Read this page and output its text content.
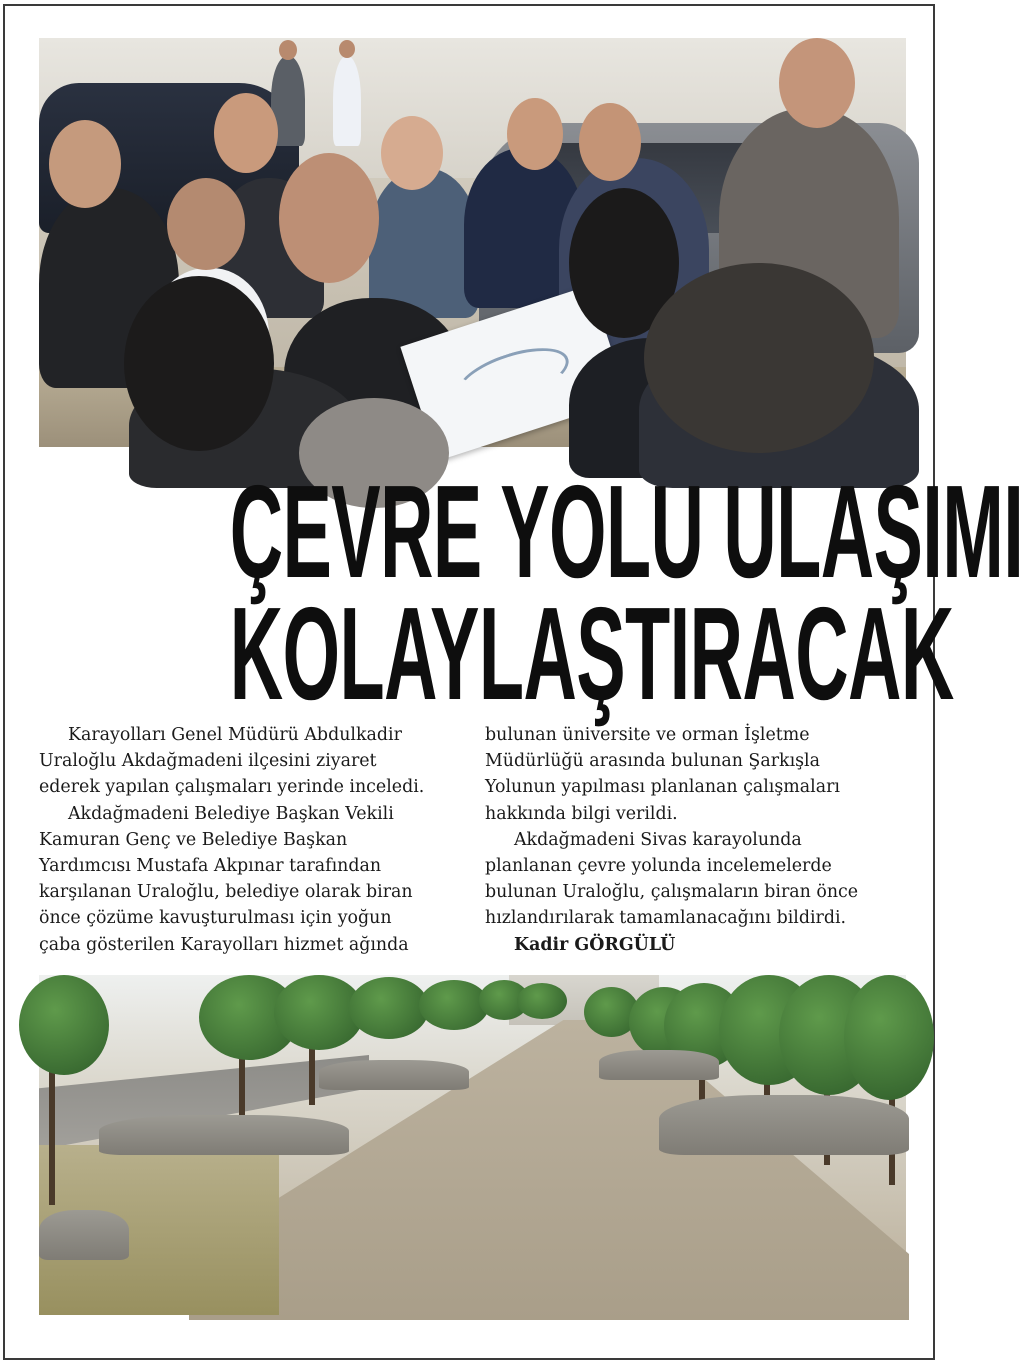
ÇEVRE YOLU ULAŞIMI
KOLAYLAŞTIRACAK

Karayolları Genel Müdürü Abdulkadir

Uraloğlu Akdağmadeni ilçesini ziyaret

ederek yapılan çalışmaları yerinde inceledi.

Akdağmadeni Belediye Başkan Vekili

Kamuran Genç ve Belediye Başkan

Yardımcısı Mustafa Akpınar tarafından

karşılanan Uraloğlu, belediye olarak biran

önce çözüme kavuşturulması için yoğun

çaba gösterilen Karayolları hizmet ağında

bulunan üniversite ve orman İşletme

Müdürlüğü arasında bulunan Şarkışla

Yolunun yapılması planlanan çalışmaları

hakkında bilgi verildi.

Akdağmadeni Sivas karayolunda

planlanan çevre yolunda incelemelerde

bulunan Uraloğlu, çalışmaların biran önce

hızlandırılarak tamamlanacağını bildirdi.

Kadir GÖRGÜLÜ
